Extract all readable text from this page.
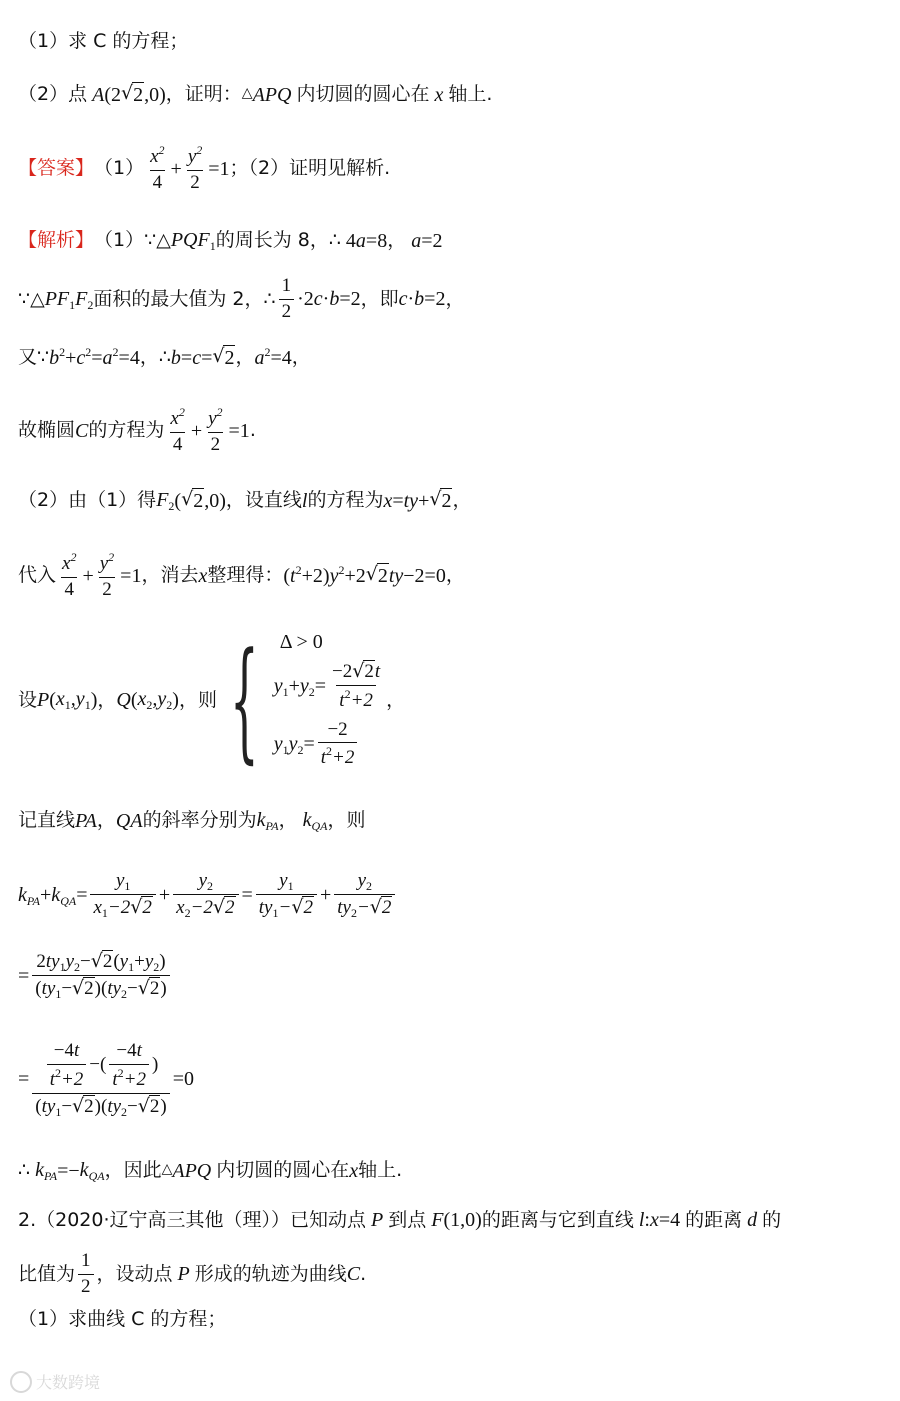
（1）求 C 的方程；
（2）点 A (2 √ 2 ,0) ，证明： △ APQ 内切圆的圆心在 x 轴上.
【答案】 $(1) \frac{x^2}{4} + \frac{y^2}{2} =1$ ；（2）证明见解析.
【解析】 （1）∵△ $PQF_1$ 的周长为 8，∴ 4 a =8 ， a =2
∵△ $PF_1F_2$ 面积的最大值为 2，∴ $\frac{1}{2} \cdot 2$ c · b =2 ，即 c · b =2 ，
又∵ $b^2 + c^2 = a^2 =4$ ，∴ b = c = √ 2 ， $a^2 =4$ ，
故椭圆 C 的方程为 $\frac{x^2}{4} + \frac{y^2}{2} =1$ .
（2）由（1）得 $F_2$ ( √ 2 ,0) ，设直线 l 的方程为 x = ty + √ 2 ，
代入 $\frac{x^2}{4} + \frac{y^2}{2} =1$ ，消去 x 整理得： ( $t^2 +2$) $y^2 +2$ √ 2 ty −2=0 ，
设 P ( $x_1,y_1$ ) ， Q ( $x_2,y_2$ ) ，则 {	Δ > 0
$y_1 + y_2 = \frac{-2 √ 2 t}{t^2+2}$
$y_1y_2 = \frac{-2}{t^2+2}$
，
记直线 PA ， QA 的斜率分别为 $k_{PA}$ ， $k_{QA}$ ，则
$k_{PA} + k_{QA} = \frac{y_1}{x_1-2 √ 2} + \frac{y_2}{x_2-2 √ 2} = \frac{y_1}{ty_1- √ 2} + \frac{y_2}{ty_2- √ 2}$
= $\frac{2ty_1y_2- √ 2 (y_1+y_2)}{(ty_1- √ 2 )(ty_2- √ 2 )}$
= $\frac{\frac{-4t}{t^2+2} -( \frac{-4t}{t^2+2} )}{(ty_1- √ 2 )(ty_2- √ 2 )} =0$
∴ $k_{PA} =- k_{QA}$ ，因此 △ APQ 内切圆的圆心在 x 轴上.
2.（2020·辽宁高三其他（理））已知动点 P 到点 F (1,0) 的距离与它到直线 l : x =4 的距离 d 的
比值为 $\frac{1}{2}$ ，设动点 P 形成的轨迹为曲线 C .
（1）求曲线 C 的方程；
大数跨境
